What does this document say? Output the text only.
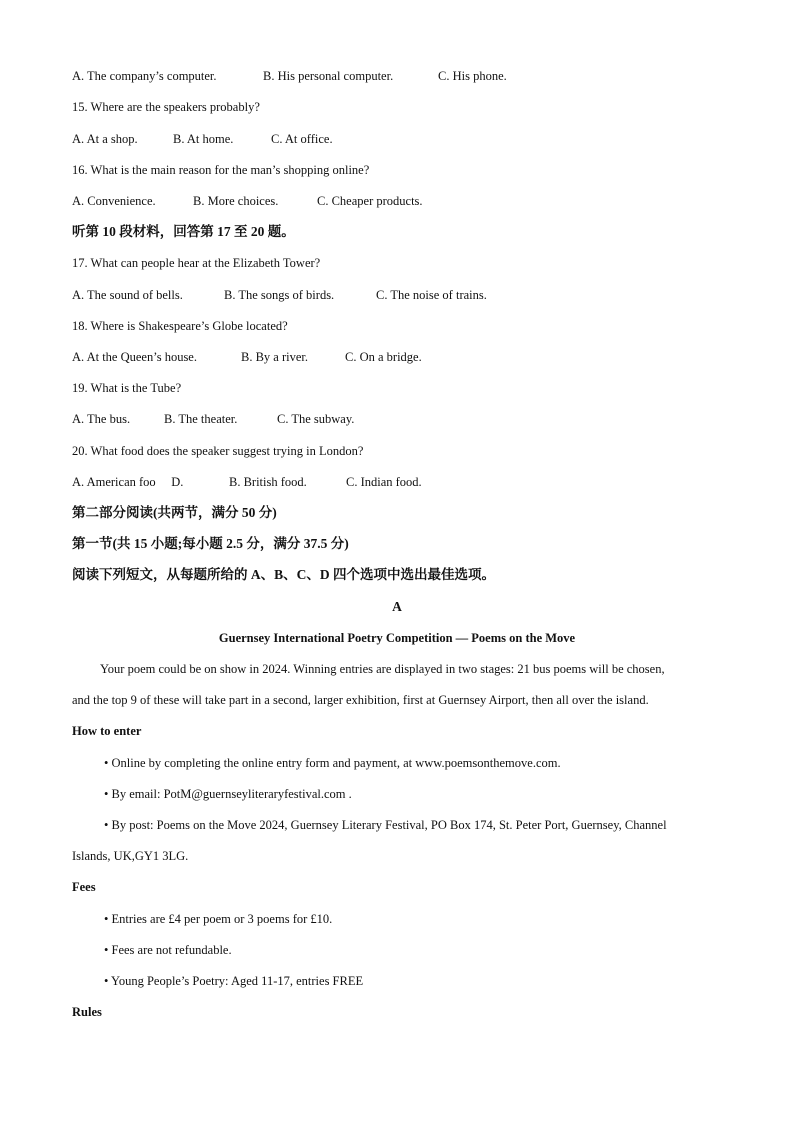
A. The company’s computer.	B. His personal computer.	C. His phone.
15. Where are the speakers probably?
A. At a shop.	B. At home.	C. At office.
16. What is the main reason for the man’s shopping online?
A. Convenience.	B. More choices.	C. Cheaper products.
听第 10 段材料，回答第 17 至 20 题。
17. What can people hear at the Elizabeth Tower?
A. The sound of bells.	B. The songs of birds.	C. The noise of trains.
18. Where is Shakespeare’s Globe located?
A. At the Queen’s house.	B. By a river.	C. On a bridge.
19. What is the Tube?
A. The bus.	B. The theater.	C. The subway.
20. What food does the speaker suggest trying in London?
A. American foo     D.	B. British food.	C. Indian food.
第二部分阅读(共两节，满分 50 分)
第一节(共 15 小题;每小题 2.5 分，满分 37.5 分)
阅读下列短文，从每题所给的 A、B、C、D 四个选项中选出最佳选项。
A
Guernsey International Poetry Competition — Poems on the Move
Your poem could be on show in 2024. Winning entries are displayed in two stages: 21 bus poems will be chosen,
and the top 9 of these will take part in a second, larger exhibition, first at Guernsey Airport, then all over the island.
How to enter
• Online by completing the online entry form and payment, at www.poemsonthemove.com.
• By email: PotM@guernseyliteraryfestival.com .
• By post: Poems on the Move 2024, Guernsey Literary Festival, PO Box 174, St. Peter Port, Guernsey, Channel
Islands, UK,GY1 3LG.
Fees
• Entries are £4 per poem or 3 poems for £10.
• Fees are not refundable.
• Young People’s Poetry: Aged 11-17, entries FREE
Rules
